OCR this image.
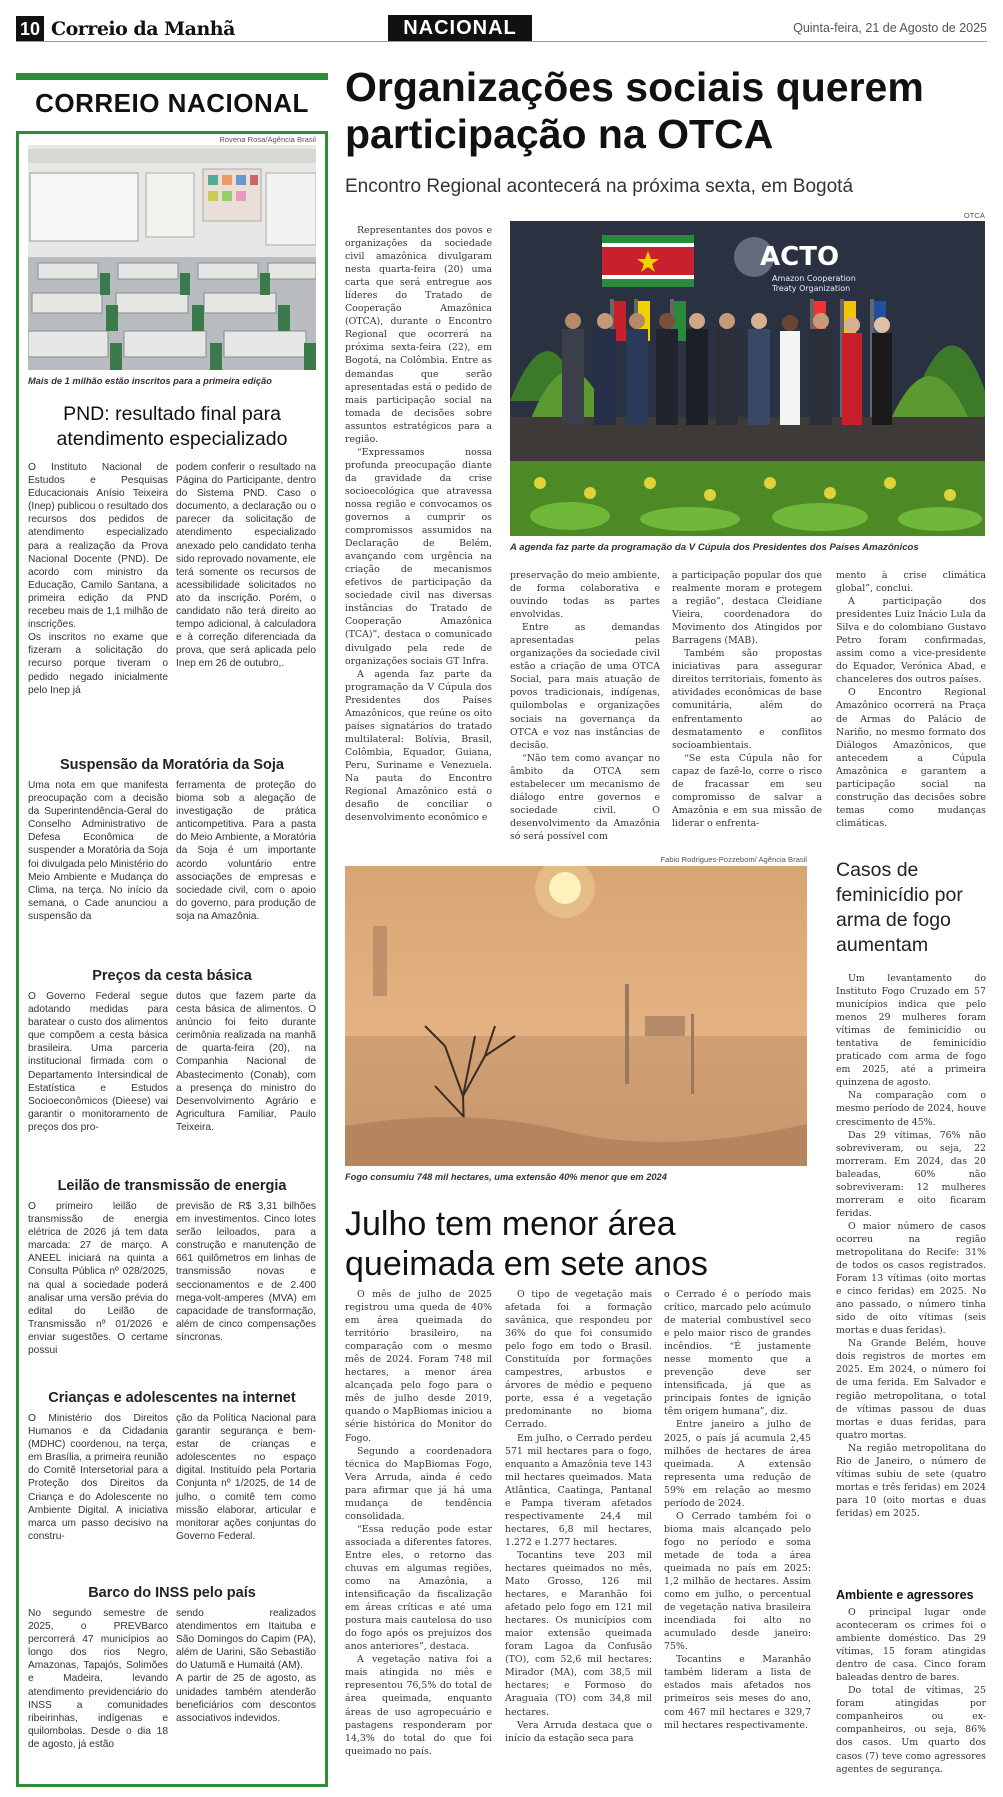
10 Correio da Manhã	NACIONAL	Quinta-feira, 21 de Agosto de 2025
CORREIO NACIONAL
Rovena Rosa/Agência Brasil
Mais de 1 milhão estão inscritos para a primeira edição
PND: resultado final para atendimento especializado

O Instituto Nacional de Estudos e Pesquisas Educacionais Anísio Teixeira (Inep) publicou o resultado dos recursos dos pedidos de atendimento especializado para a realização da Prova Nacional Docente (PND). De acordo com ministro da Educação, Camilo Santana, a primeira edição da PND recebeu mais de 1,1 milhão de inscrições.

Os inscritos no exame que fizeram a solicitação do recurso porque tiveram o pedido negado inicialmente pelo Inep já

podem conferir o resultado na Página do Participante, dentro do Sistema PND. Caso o documento, a declaração ou o parecer da solicitação de atendimento especializado anexado pelo candidato tenha sido reprovado novamente, ele terá somente os recursos de acessibilidade solicitados no ato da inscrição. Porém, o candidato não terá direito ao tempo adicional, à calculadora e à correção diferenciada da prova, que será aplicada pelo Inep em 26 de outubro,.

Suspensão da Moratória da Soja

Uma nota em que manifesta preocupação com a decisão da Superintendência-Geral do Conselho Administrativo de Defesa Econômica de suspender a Moratória da Soja foi divulgada pelo Ministério do Meio Ambiente e Mudança do Clima, na terça. No início da semana, o Cade anunciou a suspensão da

ferramenta de proteção do bioma sob a alegação de investigação de prática anticompetitiva. Para a pasta do Meio Ambiente, a Moratória da Soja é um importante acordo voluntário entre associações de empresas e sociedade civil, com o apoio do governo, para produção de soja na Amazônia.

Preços da cesta básica

O Governo Federal segue adotando medidas para baratear o custo dos alimentos que compõem a cesta básica brasileira. Uma parceria institucional firmada com o Departamento Intersindical de Estatística e Estudos Socioeconômicos (Dieese) vai garantir o monitoramento de preços dos pro-

dutos que fazem parte da cesta básica de alimentos. O anúncio foi feito durante cerimônia realizada na manhã de quarta-feira (20), na Companhia Nacional de Abastecimento (Conab), com a presença do ministro do Desenvolvimento Agrário e Agricultura Familiar, Paulo Teixeira.

Leilão de transmissão de energia

O primeiro leilão de transmissão de energia elétrica de 2026 já tem data marcada: 27 de março. A ANEEL iniciará na quinta a Consulta Pública nº 028/2025, na qual a sociedade poderá analisar uma versão prévia do edital do Leilão de Transmissão nº 01/2026 e enviar sugestões. O certame possui

previsão de R$ 3,31 bilhões em investimentos. Cinco lotes serão leiloados, para a construção e manutenção de 661 quilômetros em linhas de transmissão novas e seccionamentos e de 2.400 mega-volt-amperes (MVA) em capacidade de transformação, além de cinco compensações síncronas.

Crianças e adolescentes na internet

O Ministério dos Direitos Humanos e da Cidadania (MDHC) coordenou, na terça, em Brasília, a primeira reunião do Comitê Intersetorial para a Proteção dos Direitos da Criança e do Adolescente no Ambiente Digital. A iniciativa marca um passo decisivo na constru-

ção da Política Nacional para garantir segurança e bem-estar de crianças e adolescentes no espaço digital. Instituído pela Portaria Conjunta nº 1/2025, de 14 de julho, o comitê tem como missão elaborar, articular e monitorar ações conjuntas do Governo Federal.

Barco do INSS pelo país

No segundo semestre de 2025, o PREVBarco percorrerá 47 municípios ao longo dos rios Negro, Amazonas, Tapajós, Solimões e Madeira, levando atendimento previdenciário do INSS a comunidades ribeirinhas, indígenas e quilombolas. Desde o dia 18 de agosto, já estão

sendo realizados atendimentos em Itaituba e São Domingos do Capim (PA), além de Uarini, São Sebastião do Uatumã e Humaitá (AM).

A partir de 25 de agosto, as unidades também atenderão beneficiários com descontos associativos indevidos.

Organizações sociais querem participação na OTCA
Encontro Regional acontecerá na próxima sexta, em Bogotá

Representantes dos povos e organizações da sociedade civil amazônica divulgaram nesta quarta-feira (20) uma carta que será entregue aos líderes do Tratado de Cooperação Amazônica (OTCA), durante o Encontro Regional que ocorrerá na próxima sexta-feira (22), em Bogotá, na Colômbia. Entre as demandas que serão apresentadas está o pedido de mais participação social na tomada de decisões sobre assuntos estratégicos para a região.

“Expressamos nossa profunda preocupação diante da gravidade da crise socioecológica que atravessa nossa região e convocamos os governos a cumprir os compromissos assumidos na Declaração de Belém, avançando com urgência na criação de mecanismos efetivos de participação da sociedade civil nas diversas instâncias do Tratado de Cooperação Amazônica (TCA)”, destaca o comunicado divulgado pela rede de organizações sociais GT Infra.

A agenda faz parte da programação da V Cúpula dos Presidentes dos Países Amazônicos, que reúne os oito países signatários do tratado multilateral: Bolívia, Brasil, Colômbia, Equador, Guiana, Peru, Suriname e Venezuela. Na pauta do Encontro Regional Amazônico está o desafio de conciliar o desenvolvimento econômico e

OTCA
ACTO
Amazon Cooperation
Treaty Organization
A agenda faz parte da programação da V Cúpula dos Presidentes dos Países Amazônicos

preservação do meio ambiente, de forma colaborativa e ouvindo todas as partes envolvidas.

Entre as demandas apresentadas pelas organizações da sociedade civil estão a criação de uma OTCA Social, para mais atuação de povos tradicionais, indígenas, quilombolas e organizações sociais na governança da OTCA e voz nas instâncias de decisão.

“Não tem como avançar no âmbito da OTCA sem estabelecer um mecanismo de diálogo entre governos e sociedade civil. O desenvolvimento da Amazônia só será possível com

a participação popular dos que realmente moram e protegem a região”, destaca Cleidiane Vieira, coordenadora do Movimento dos Atingidos por Barragens (MAB).

Também são propostas iniciativas para assegurar direitos territoriais, fomento às atividades econômicas de base comunitária, além do enfrentamento ao desmatamento e conflitos socioambientais.

“Se esta Cúpula não for capaz de fazê-lo, corre o risco de fracassar em seu compromisso de salvar a Amazônia e em sua missão de liderar o enfrenta-

mento à crise climática global”, conclui.

A participação dos presidentes Luiz Inácio Lula da Silva e do colombiano Gustavo Petro foram confirmadas, assim como a vice-presidente do Equador, Verónica Abad, e chanceleres dos outros países.

O Encontro Regional Amazônico ocorrerá na Praça de Armas do Palácio de Nariño, no mesmo formato dos Diálogos Amazônicos, que antecedem a Cúpula Amazônica e garantem a participação social na construção das decisões sobre temas como mudanças climáticas.

Fabio Rodrigues-Pozzebom/ Agência Brasil
Fogo consumiu 748 mil hectares, uma extensão 40% menor que em 2024
Julho tem menor área queimada em sete anos

O mês de julho de 2025 registrou uma queda de 40% em área queimada do território brasileiro, na comparação com o mesmo mês de 2024. Foram 748 mil hectares, a menor área alcançada pelo fogo para o mês de julho desde 2019, quando o MapBiomas iniciou a série histórica do Monitor do Fogo.

Segundo a coordenadora técnica do MapBiomas Fogo, Vera Arruda, ainda é cedo para afirmar que já há uma mudança de tendência consolidada.

“Essa redução pode estar associada a diferentes fatores. Entre eles, o retorno das chuvas em algumas regiões, como na Amazônia, a intensificação da fiscalização em áreas críticas e até uma postura mais cautelosa do uso do fogo após os prejuízos dos anos anteriores”, destaca.

A vegetação nativa foi a mais atingida no mês e representou 76,5% do total de área queimada, enquanto áreas de uso agropecuário e pastagens responderam por 14,3% do total do que foi queimado no país.

O tipo de vegetação mais afetada foi a formação savânica, que respondeu por 36% do que foi consumido pelo fogo em todo o Brasil. Constituída por formações campestres, arbustos e árvores de médio e pequeno porte, essa é a vegetação predominante no bioma Cerrado.

Em julho, o Cerrado perdeu 571 mil hectares para o fogo, enquanto a Amazônia teve 143 mil hectares queimados. Mata Atlântica, Caatinga, Pantanal e Pampa tiveram afetados respectivamente 24,4 mil hectares, 6,8 mil hectares, 1.272 e 1.277 hectares.

Tocantins teve 203 mil hectares queimados no mês, Mato Grosso, 126 mil hectares, e Maranhão foi afetado pelo fogo em 121 mil hectares. Os municípios com maior extensão queimada foram Lagoa da Confusão (TO), com 52,6 mil hectares; Mirador (MA), com 38,5 mil hectares; e Formoso do Araguaia (TO) com 34,8 mil hectares.

Vera Arruda destaca que o início da estação seca para

o Cerrado é o período mais crítico, marcado pelo acúmulo de material combustível seco e pelo maior risco de grandes incêndios. “É justamente nesse momento que a prevenção deve ser intensificada, já que as principais fontes de ignição têm origem humana”, diz.

Entre janeiro a julho de 2025, o país já acumula 2,45 milhões de hectares de área queimada. A extensão representa uma redução de 59% em relação ao mesmo período de 2024.

O Cerrado também foi o bioma mais alcançado pelo fogo no período e soma metade de toda a área queimada no país em 2025: 1,2 milhão de hectares. Assim como em julho, o percentual de vegetação nativa brasileira incendiada foi alto no acumulado desde janeiro: 75%.

Tocantins e Maranhão também lideram a lista de estados mais afetados nos primeiros seis meses do ano, com 467 mil hectares e 329,7 mil hectares respectivamente.

Casos de feminicídio por arma de fogo aumentam

Um levantamento do Instituto Fogo Cruzado em 57 municípios indica que pelo menos 29 mulheres foram vítimas de feminicídio ou tentativa de feminicídio praticado com arma de fogo em 2025, até a primeira quinzena de agosto.

Na comparação com o mesmo período de 2024, houve crescimento de 45%.

Das 29 vítimas, 76% não sobreviveram, ou seja, 22 morreram. Em 2024, das 20 baleadas, 60% não sobreviveram: 12 mulheres morreram e oito ficaram feridas.

O maior número de casos ocorreu na região metropolitana do Recife: 31% de todos os casos registrados. Foram 13 vítimas (oito mortas e cinco feridas) em 2025. No ano passado, o número tinha sido de oito vítimas (seis mortas e duas feridas).

Na Grande Belém, houve dois registros de mortes em 2025. Em 2024, o número foi de uma ferida. Em Salvador e região metropolitana, o total de vítimas passou de duas mortas e duas feridas, para quatro mortas.

Na região metropolitana do Rio de Janeiro, o número de vítimas subiu de sete (quatro mortas e três feridas) em 2024 para 10 (oito mortas e duas feridas) em 2025.

Ambiente e agressores

O principal lugar onde aconteceram os crimes foi o ambiente doméstico. Das 29 vítimas, 15 foram atingidas dentro de casa. Cinco foram baleadas dentro de bares.

Do total de vítimas, 25 foram atingidas por companheiros ou ex-companheiros, ou seja, 86% dos casos. Um quarto dos casos (7) teve como agressores agentes de segurança.
